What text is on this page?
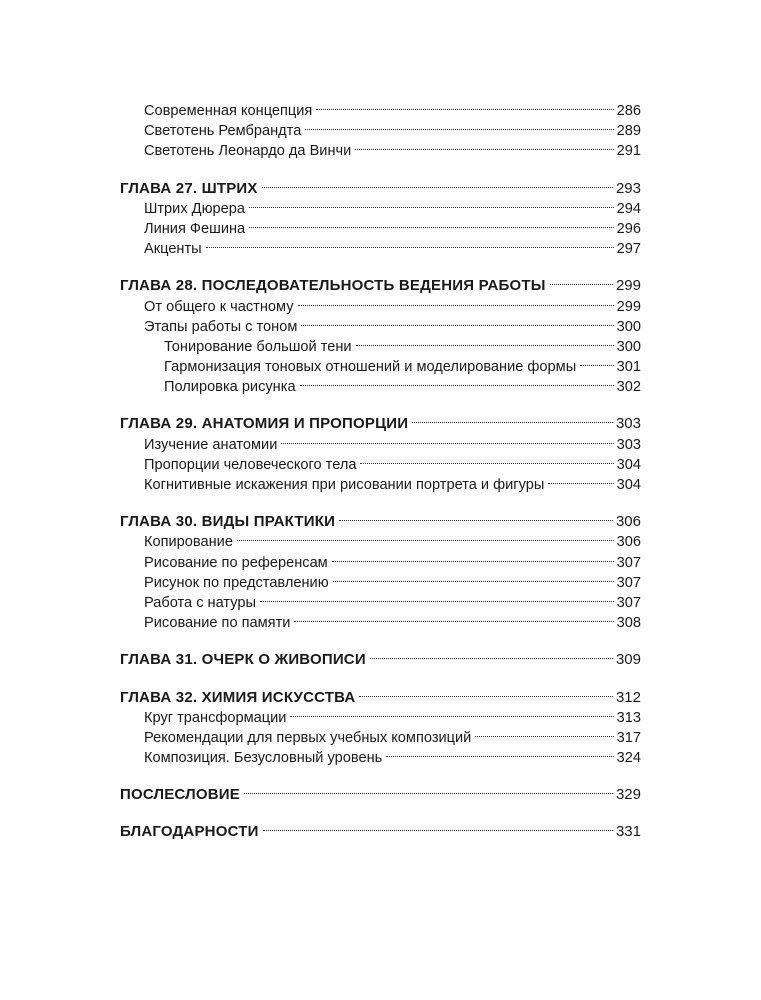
Современная концепция	286
Светотень Рембрандта	289
Светотень Леонардо да Винчи	291
ГЛАВА 27. ШТРИХ	293
Штрих Дюрера	294
Линия Фешина	296
Акценты	297
ГЛАВА 28. ПОСЛЕДОВАТЕЛЬНОСТЬ ВЕДЕНИЯ РАБОТЫ	299
От общего к частному	299
Этапы работы с тоном	300
Тонирование большой тени	300
Гармонизация тоновых отношений и моделирование формы	301
Полировка рисунка	302
ГЛАВА 29. АНАТОМИЯ И ПРОПОРЦИИ	303
Изучение анатомии	303
Пропорции человеческого тела	304
Когнитивные искажения при рисовании портрета и фигуры	304
ГЛАВА 30. ВИДЫ ПРАКТИКИ	306
Копирование	306
Рисование по референсам	307
Рисунок по представлению	307
Работа с натуры	307
Рисование по памяти	308
ГЛАВА 31. ОЧЕРК О ЖИВОПИСИ	309
ГЛАВА 32. ХИМИЯ ИСКУССТВА	312
Круг трансформации	313
Рекомендации для первых учебных композиций	317
Композиция. Безусловный уровень	324
ПОСЛЕСЛОВИЕ	329
БЛАГОДАРНОСТИ	331
